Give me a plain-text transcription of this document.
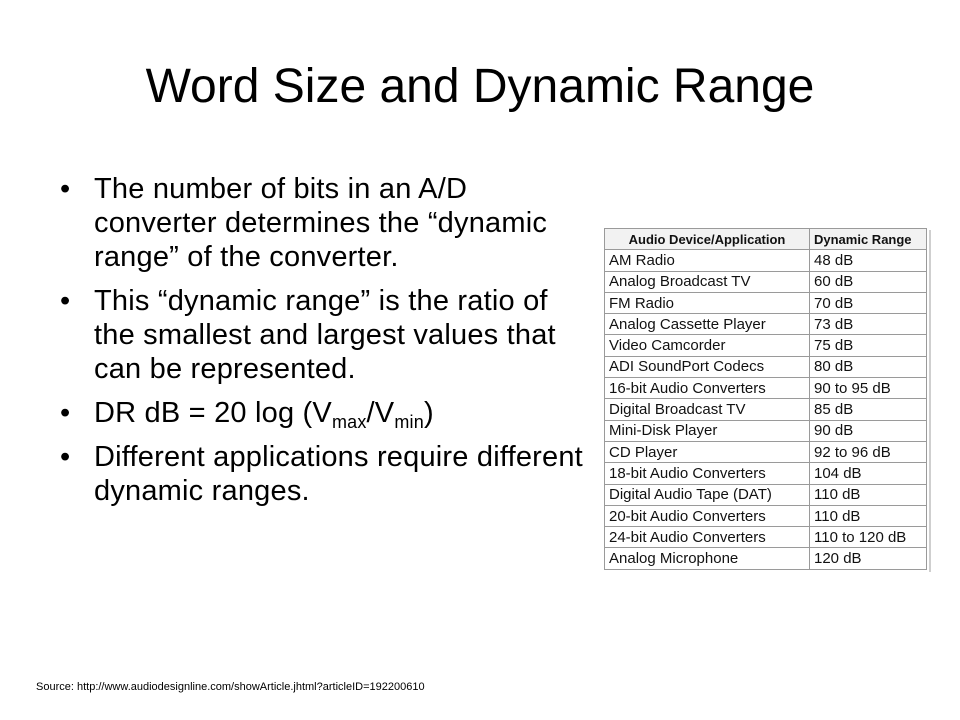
Word Size and Dynamic Range
• The number of bits in an A/D converter determines the “dynamic range” of the converter.
• This “dynamic range” is the ratio of the smallest and largest values that can be represented.
• DR dB = 20 $\log (V_{max}/V_{min})$
• Different applications require different dynamic ranges.
Audio Device/Application	Dynamic Range
AM Radio	48 dB
Analog Broadcast TV	60 dB
FM Radio	70 dB
Analog Cassette Player	73 dB
Video Camcorder	75 dB
ADI SoundPort Codecs	80 dB
16-bit Audio Converters	90 to 95 dB
Digital Broadcast TV	85 dB
Mini-Disk Player	90 dB
CD Player	92 to 96 dB
18-bit Audio Converters	104 dB
Digital Audio Tape (DAT)	110 dB
20-bit Audio Converters	110 dB
24-bit Audio Converters	110 to 120 dB
Analog Microphone	120 dB
Source: http://www.audiodesignline.com/showArticle.jhtml?articleID=192200610
